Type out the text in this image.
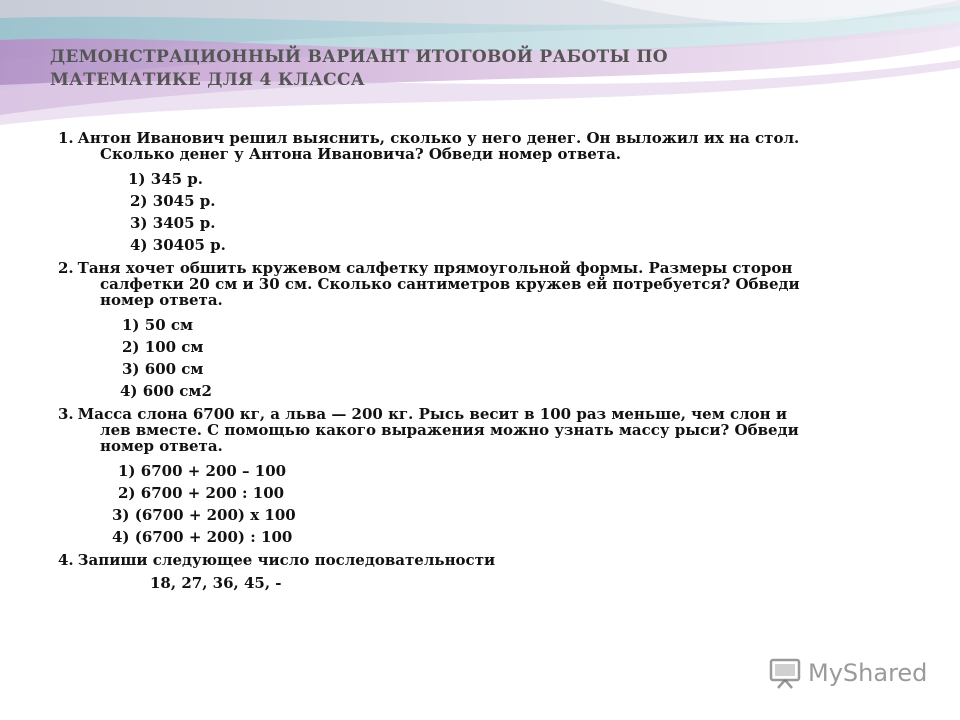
ДЕМОНСТРАЦИОННЫЙ ВАРИАНТ ИТОГОВОЙ РАБОТЫ ПО
МАТЕМАТИКЕ ДЛЯ 4 КЛАССА
1. Антон Иванович решил выяснить, сколько у него денег. Он выложил их на стол.
Сколько денег у Антона Ивановича? Обведи номер ответа.
1) 345 р.
2) 3045 р.
3) 3405 р.
4) 30405 р.
2. Таня хочет обшить кружевом салфетку прямоугольной формы. Размеры сторон
салфетки 20 см и 30 см. Сколько сантиметров кружев ей потребуется? Обведи
номер ответа.
1) 50 см
2) 100 см
3) 600 см
4) 600 см2
3. Масса слона 6700 кг, а льва — 200 кг. Рысь весит в 100 раз меньше, чем слон и
лев вместе. С помощью какого выражения можно узнать массу рыси? Обведи
номер ответа.
1) 6700 + 200 – 100
2) 6700 + 200 : 100
3) (6700 + 200) х 100
4) (6700 + 200) : 100
4. Запиши следующее число последовательности
18, 27, 36, 45, -
MyShared
